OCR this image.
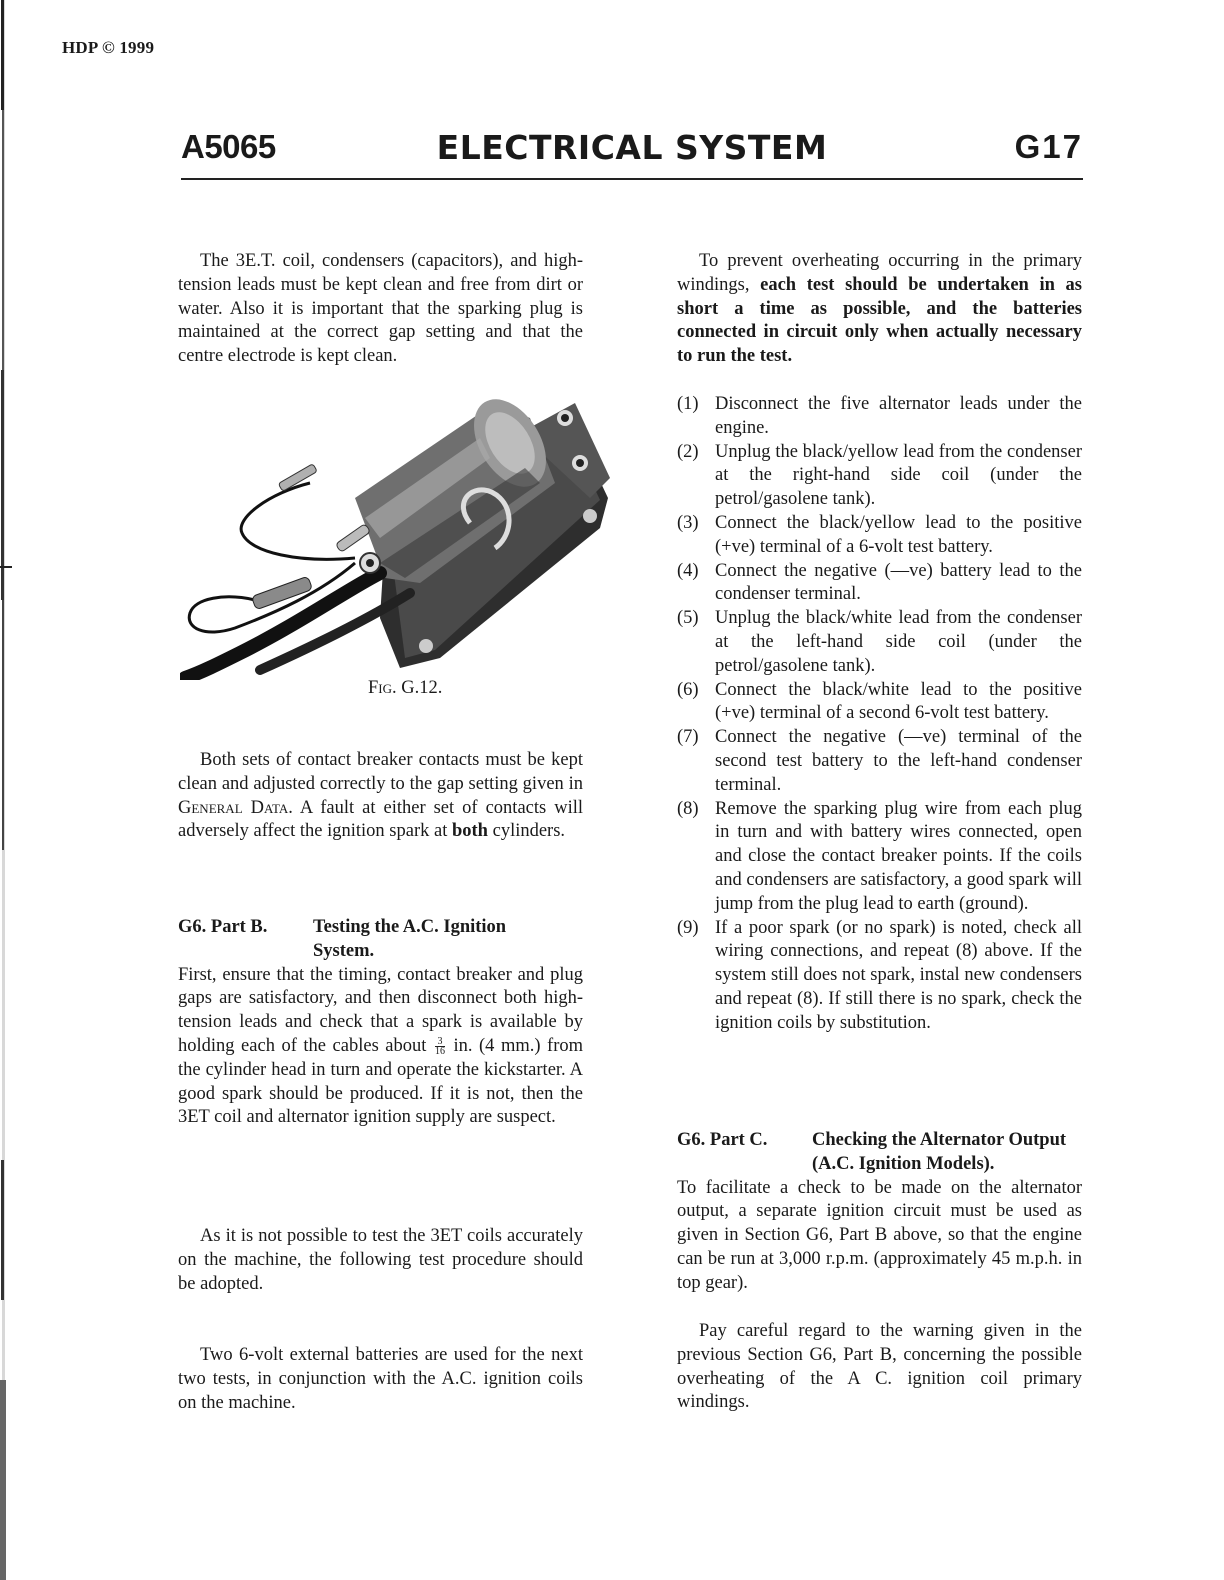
HDP © 1999
A5065	ELECTRICAL SYSTEM	G17

The 3E.T. coil, condensers (capacitors), and high-tension leads must be kept clean and free from dirt or water. Also it is important that the sparking plug is maintained at the correct gap setting and that the centre electrode is kept clean.

Fig. G.12.

Both sets of contact breaker contacts must be kept clean and adjusted correctly to the gap setting given in General Data. A fault at either set of contacts will adversely affect the ignition spark at both cylinders.

G6. Part B.	Testing the A.C. Ignition System.

First, ensure that the timing, contact breaker and plug gaps are satisfactory, and then disconnect both high-tension leads and check that a spark is available by holding each of the cables about $\frac{3}{16}$ in. (4 mm.) from the cylinder head in turn and operate the kickstarter. A good spark should be produced. If it is not, then the 3ET coil and alternator ignition supply are suspect.

As it is not possible to test the 3ET coils accurately on the machine, the following test procedure should be adopted.

Two 6-volt external batteries are used for the next two tests, in conjunction with the A.C. ignition coils on the machine.

To prevent overheating occurring in the primary windings, each test should be undertaken in as short a time as possible, and the batteries connected in circuit only when actually necessary to run the test.

(1) Disconnect the five alternator leads under the engine.
(2) Unplug the black/yellow lead from the condenser at the right-hand side coil (under the petrol/gasolene tank).
(3) Connect the black/yellow lead to the positive (+ve) terminal of a 6-volt test battery.
(4) Connect the negative (—ve) battery lead to the condenser terminal.
(5) Unplug the black/white lead from the condenser at the left-hand side coil (under the petrol/gasolene tank).
(6) Connect the black/white lead to the positive (+ve) terminal of a second 6-volt test battery.
(7) Connect the negative (—ve) terminal of the second test battery to the left-hand condenser terminal.
(8) Remove the sparking plug wire from each plug in turn and with battery wires connected, open and close the contact breaker points. If the coils and condensers are satisfactory, a good spark will jump from the plug lead to earth (ground).
(9) If a poor spark (or no spark) is noted, check all wiring connections, and repeat (8) above. If the system still does not spark, instal new condensers and repeat (8). If still there is no spark, check the ignition coils by substitution.
G6. Part C.	Checking the Alternator Output (A.C. Ignition Models).

To facilitate a check to be made on the alternator output, a separate ignition circuit must be used as given in Section G6, Part B above, so that the engine can be run at 3,000 r.p.m. (approximately 45 m.p.h. in top gear).

Pay careful regard to the warning given in the previous Section G6, Part B, concerning the possible overheating of the A C. ignition coil primary windings.
